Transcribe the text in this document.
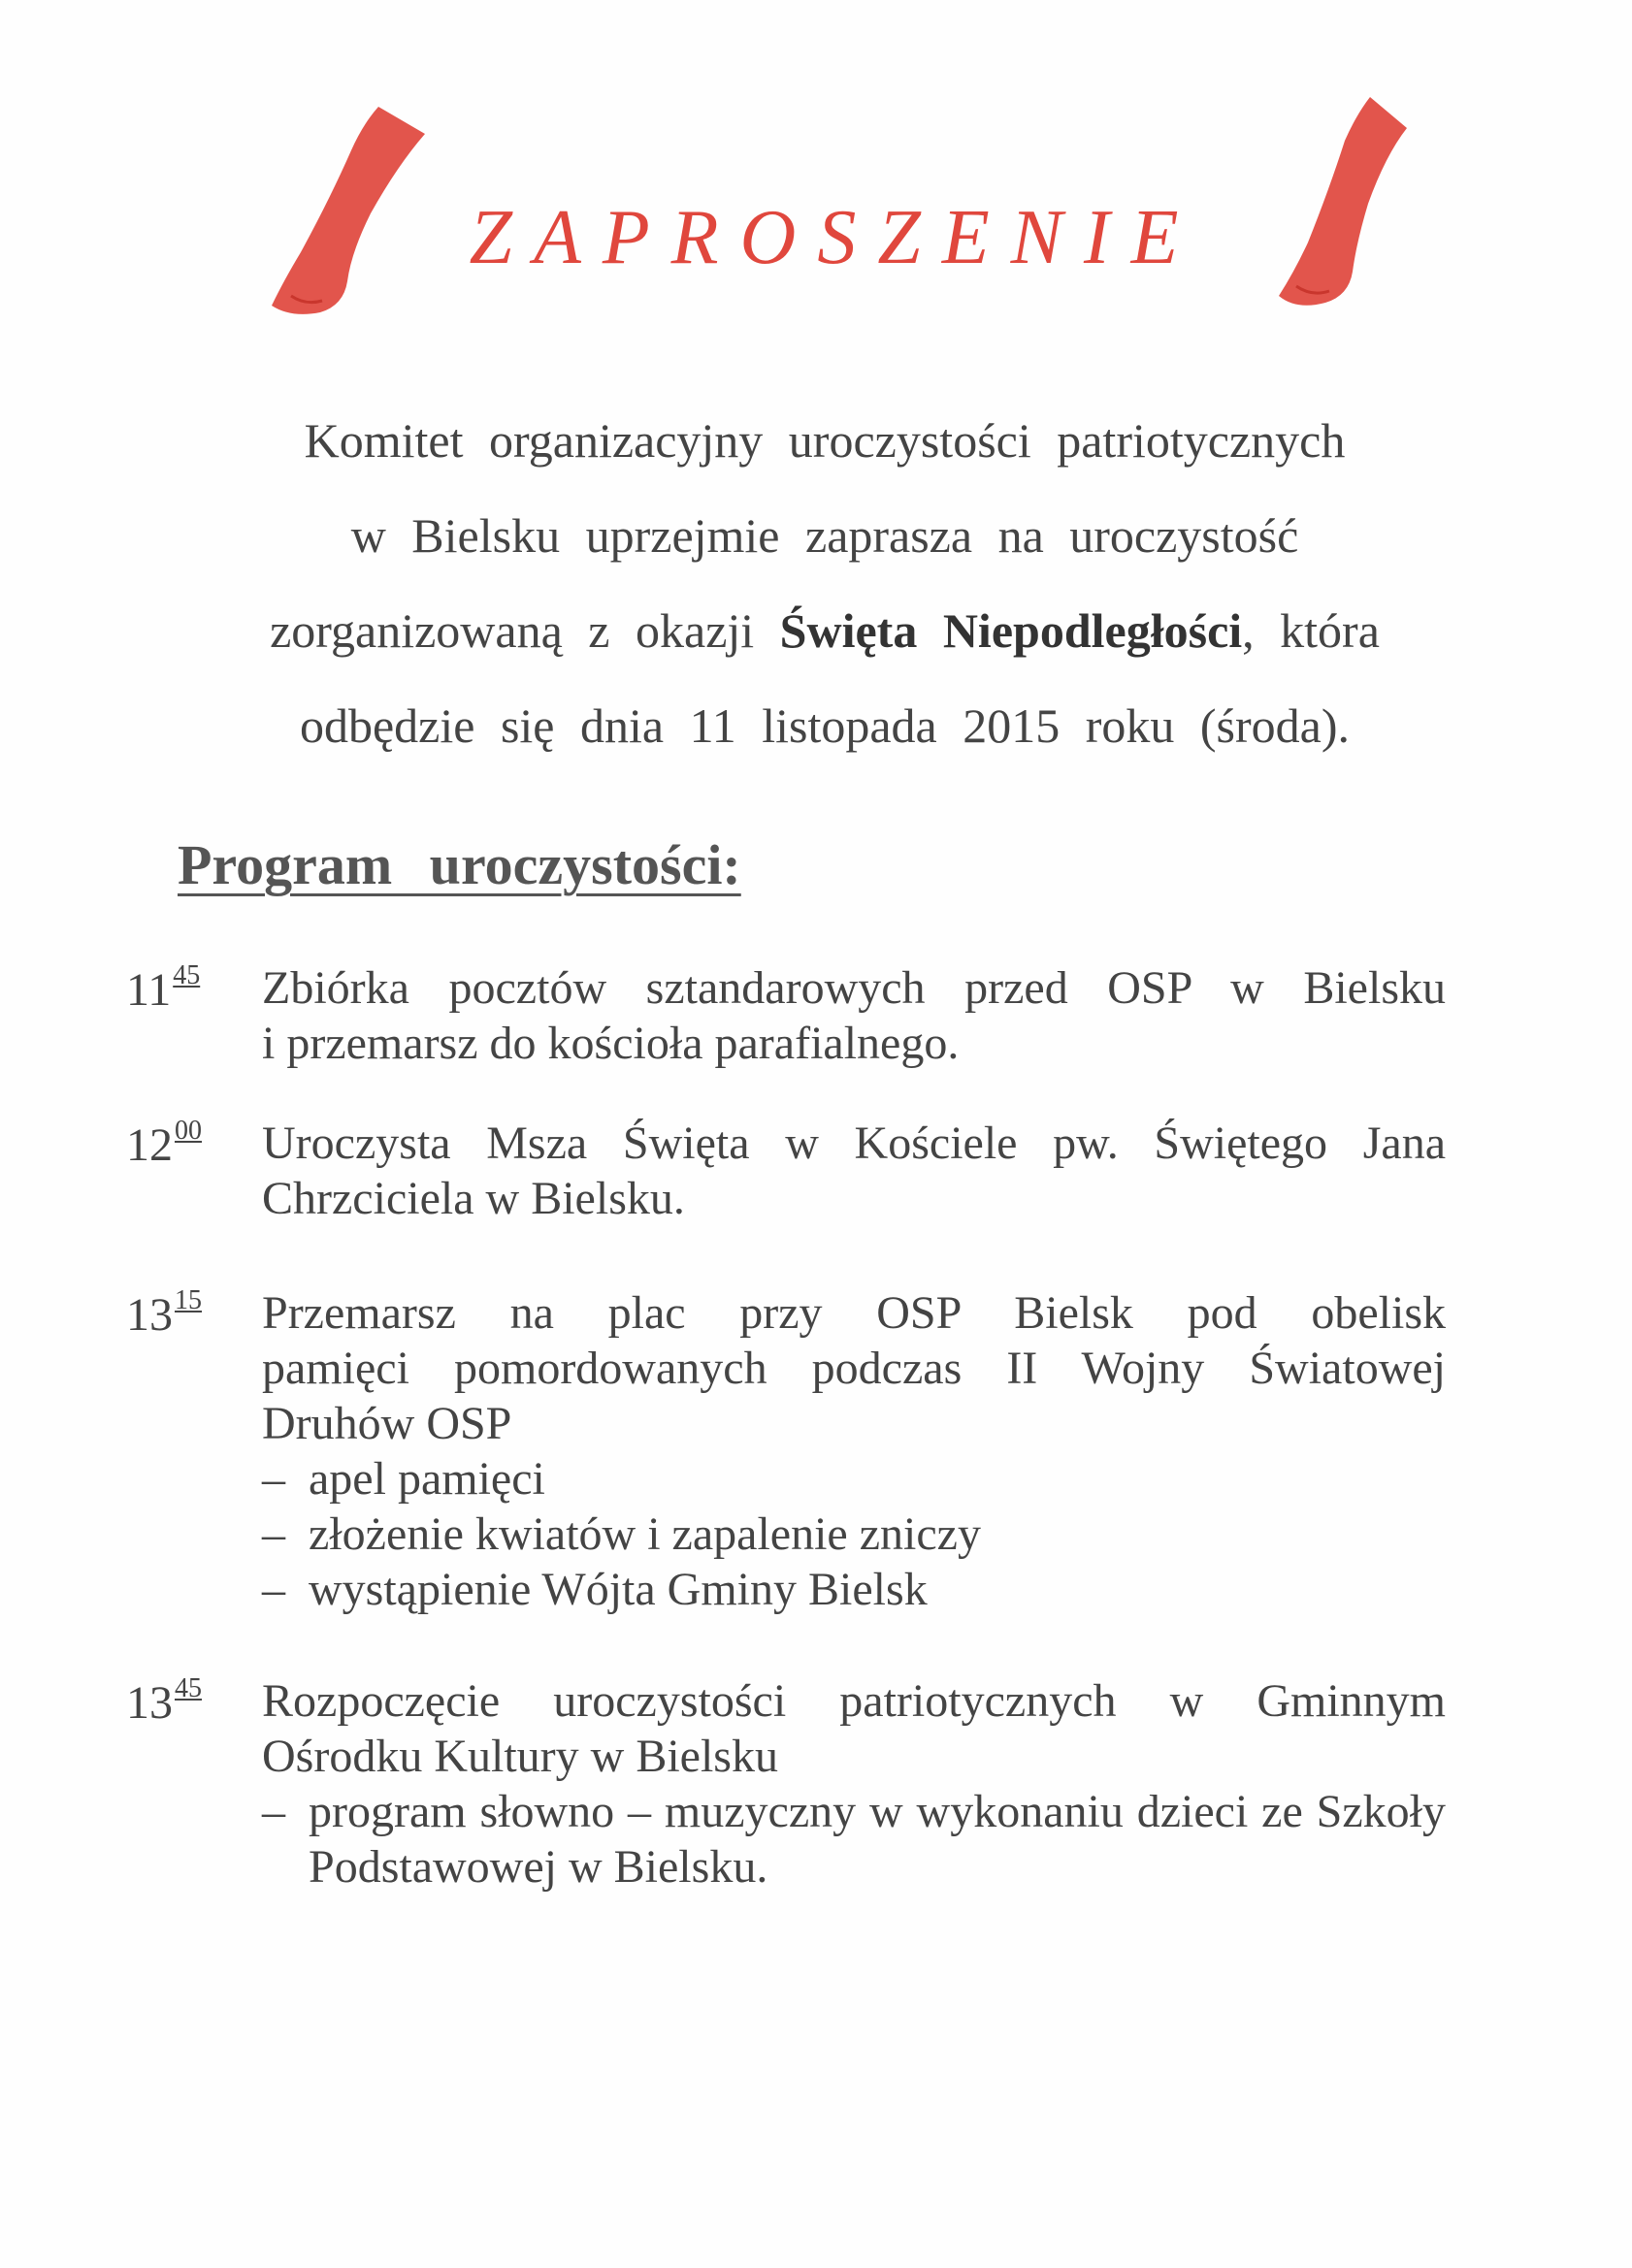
ZAPROSZENIE
Komitet organizacyjny uroczystości patriotycznych
w Bielsku uprzejmie zaprasza na uroczystość
zorganizowaną z okazji Święta Niepodległości, która
odbędzie się dnia 11 listopada 2015 roku (środa).
Program uroczystości:
$11^{45}$ Zbiórka pocztów sztandarowych przed OSP w Bielsku
i przemarsz do kościoła parafialnego.
$12^{00}$ Uroczysta Msza Święta w Kościele pw. Świętego Jana
Chrzciciela w Bielsku.
$13^{15}$ Przemarsz na plac przy OSP Bielsk pod obelisk
pamięci pomordowanych podczas II Wojny Światowej
Druhów OSP
– apel pamięci
– złożenie kwiatów i zapalenie zniczy
– wystąpienie Wójta Gminy Bielsk
$13^{45}$ Rozpoczęcie uroczystości patriotycznych w Gminnym
Ośrodku Kultury w Bielsku
– program słowno – muzyczny w wykonaniu dzieci ze Szkoły Podstawowej w Bielsku.
